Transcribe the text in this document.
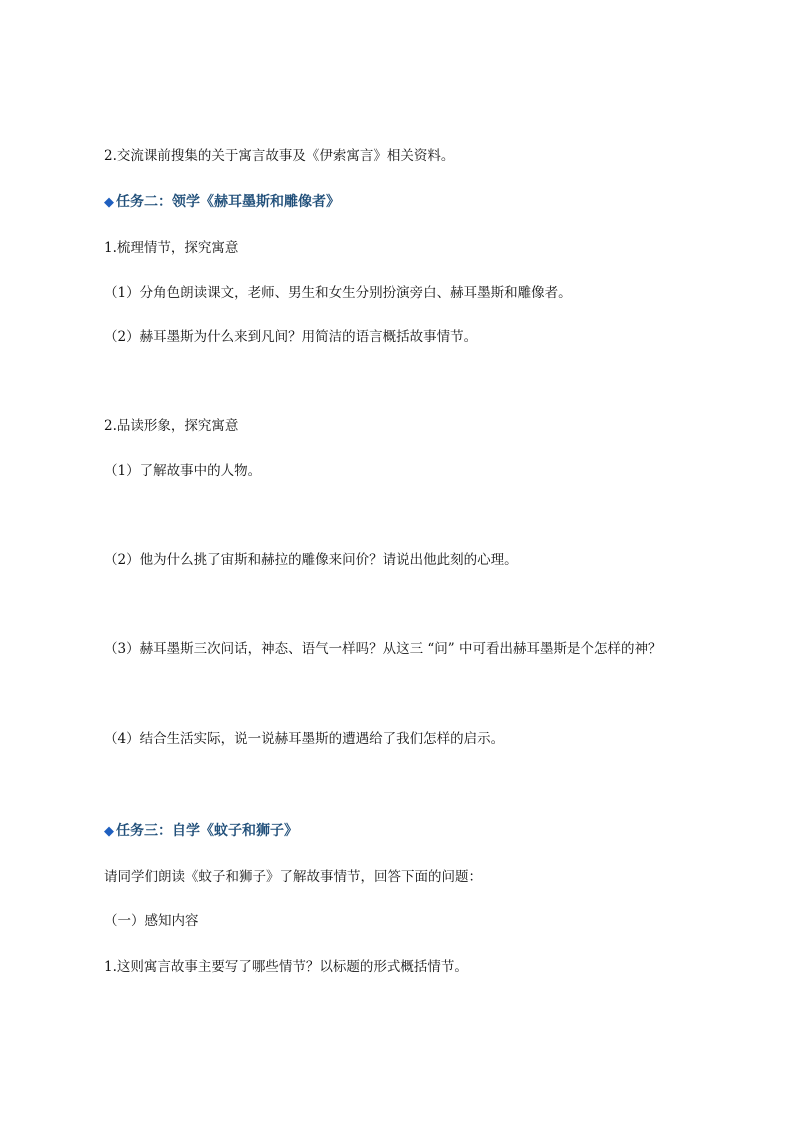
2.交流课前搜集的关于寓言故事及《伊索寓言》相关资料。
◆ 任务二：领学《赫耳墨斯和雕像者》
1.梳理情节，探究寓意
（1）分角色朗读课文，老师、男生和女生分别扮演旁白、赫耳墨斯和雕像者。
（2）赫耳墨斯为什么来到凡间？用简洁的语言概括故事情节。
2.品读形象，探究寓意
（1）了解故事中的人物。
（2）他为什么挑了宙斯和赫拉的雕像来问价？请说出他此刻的心理。
（3）赫耳墨斯三次问话，神态、语气一样吗？从这三 “问” 中可看出赫耳墨斯是个怎样的神？
（4）结合生活实际，说一说赫耳墨斯的遭遇给了我们怎样的启示。
◆ 任务三：自学《蚊子和狮子》
请同学们朗读《蚊子和狮子》了解故事情节，回答下面的问题：
（一）感知内容
1.这则寓言故事主要写了哪些情节？以标题的形式概括情节。
